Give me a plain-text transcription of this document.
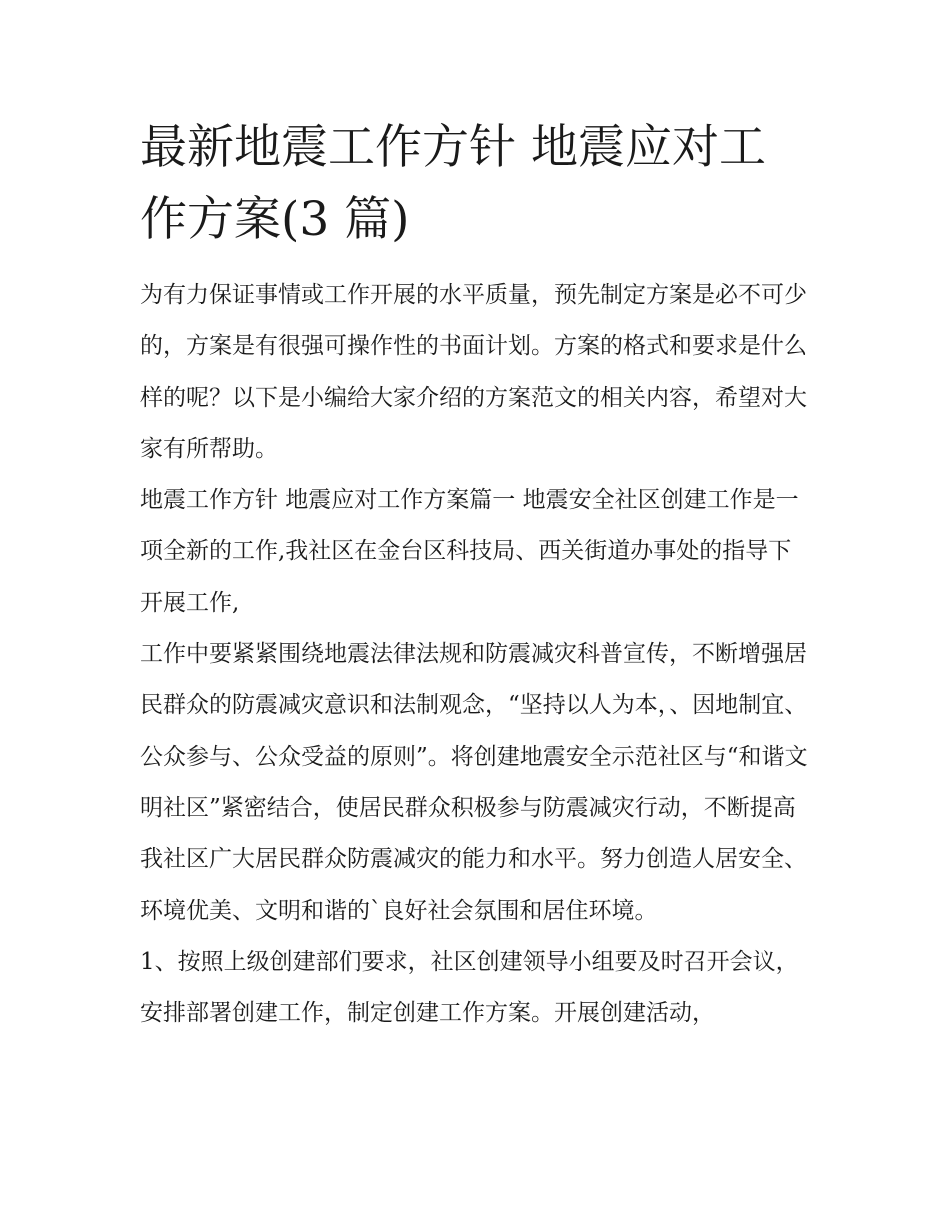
最新地震工作方针 地震应对工作方案(3 篇)

为有力保证事情或工作开展的水平质量，预先制定方案是必不可少的，方案是有很强可操作性的书面计划。方案的格式和要求是什么样的呢？以下是小编给大家介绍的方案范文的相关内容，希望对大家有所帮助。

地震工作方针 地震应对工作方案篇一 地震安全社区创建工作是一项全新的工作,我社区在金台区科技局、西关街道办事处的指导下开展工作,

工作中要紧紧围绕地震法律法规和防震减灾科普宣传，不断增强居民群众的防震减灾意识和法制观念，“坚持以人为本，、因地制宜、公众参与、公众受益的原则”。将创建地震安全示范社区与“和谐文明社区”紧密结合，使居民群众积极参与防震减灾行动，不断提高我社区广大居民群众防震减灾的能力和水平。努力创造人居安全、环境优美、文明和谐的`良好社会氛围和居住环境。

1、按照上级创建部们要求，社区创建领导小组要及时召开会议，安排部署创建工作，制定创建工作方案。开展创建活动，
